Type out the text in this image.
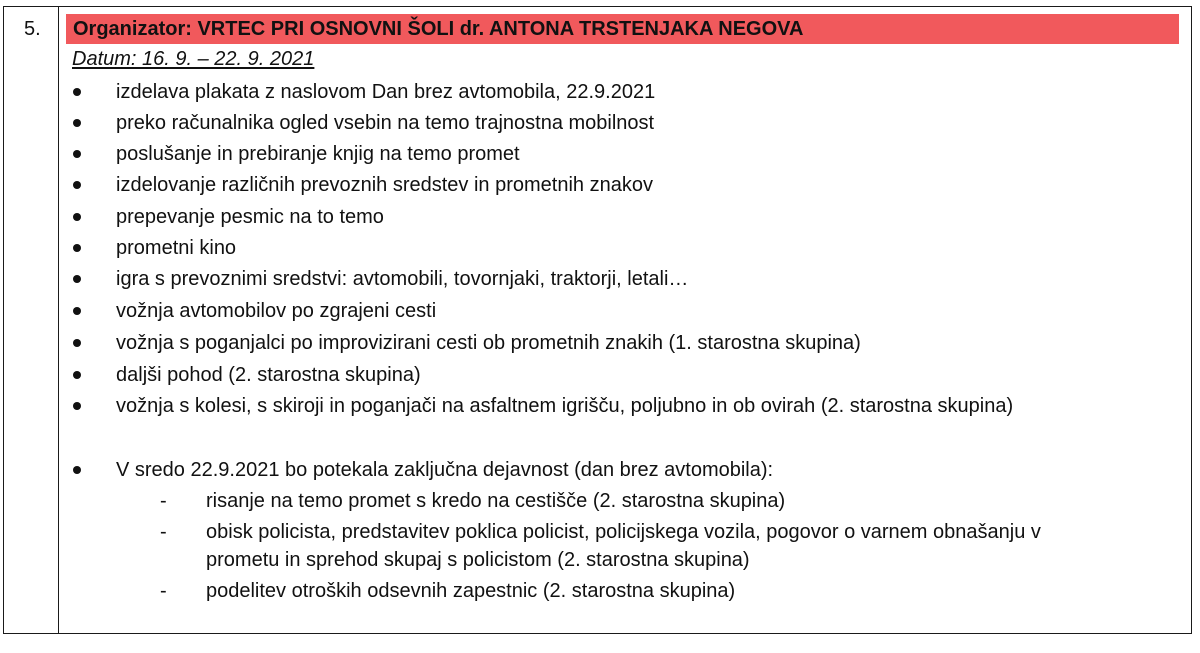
5.	Organizator: VRTEC PRI OSNOVNI ŠOLI dr. ANTONA TRSTENJAKA NEGOVA
Datum: 16. 9. – 22. 9. 2021
izdelava plakata z naslovom Dan brez avtomobila, 22.9.2021
preko računalnika ogled vsebin na temo trajnostna mobilnost
poslušanje in prebiranje knjig na temo promet
izdelovanje različnih prevoznih sredstev in prometnih znakov
prepevanje pesmic na to temo
prometni kino
igra s prevoznimi sredstvi: avtomobili, tovornjaki, traktorji, letali…
vožnja avtomobilov po zgrajeni cesti
vožnja s poganjalci po improvizirani cesti ob prometnih znakih (1. starostna skupina)
daljši pohod (2. starostna skupina)
vožnja s kolesi, s skiroji in poganjači na asfaltnem igrišču, poljubno in ob ovirah (2. starostna skupina)
V sredo 22.9.2021 bo potekala zaključna dejavnost (dan brez avtomobila):
- risanje na temo promet s kredo na cestišče (2. starostna skupina)
- obisk policista, predstavitev poklica policist, policijskega vozila, pogovor o varnem obnašanju v
prometu in sprehod skupaj s policistom (2. starostna skupina)
- podelitev otroških odsevnih zapestnic (2. starostna skupina)
